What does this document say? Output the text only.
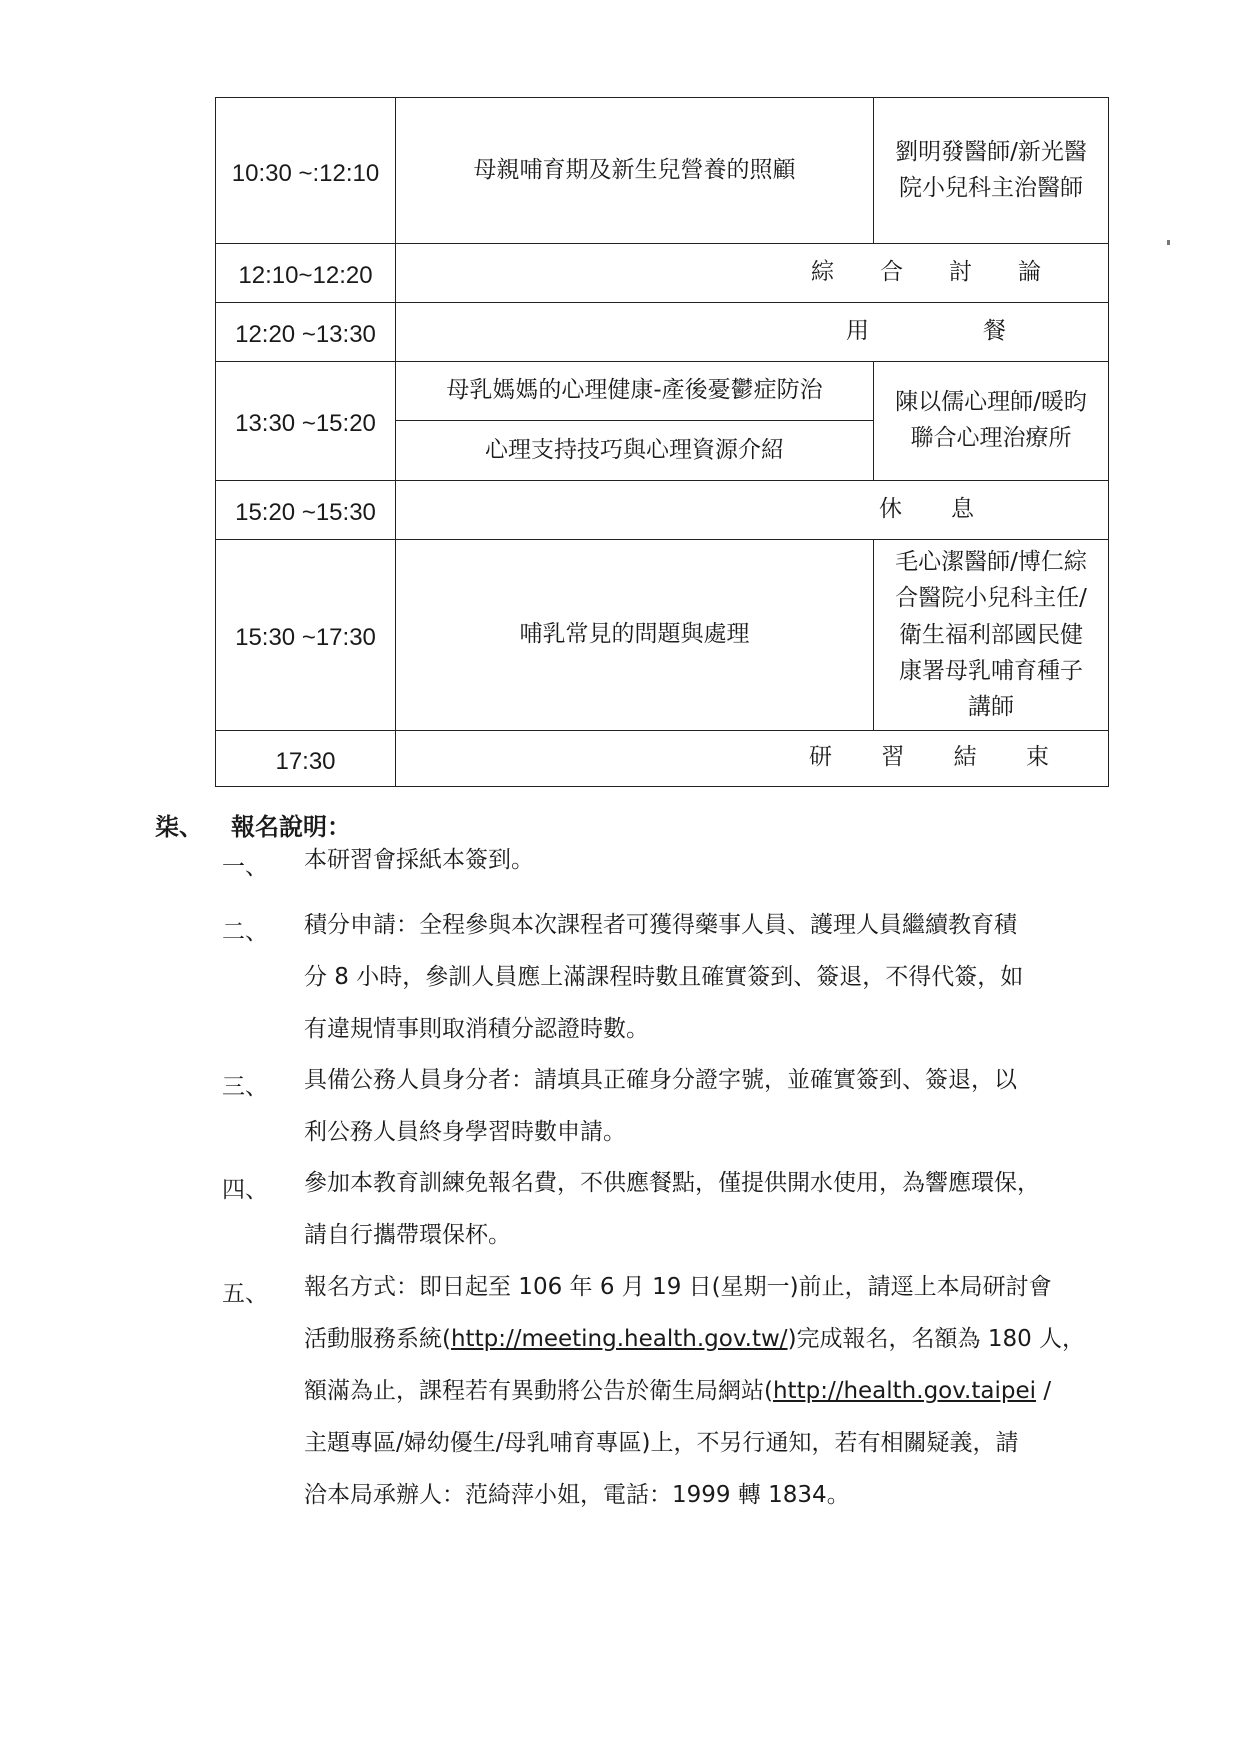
10:30 ~:12:10	母親哺育期及新生兒營養的照顧	劉明發醫師/新光醫
院小兒科主治醫師

12:10~12:20	綜 合 討 論	

12:20 ~13:30	用 餐	

13:30 ~15:20	母乳媽媽的心理健康-產後憂鬱症防治	陳以儒心理師/暖昀
聯合心理治療所

	心理支持技巧與心理資源介紹	
15:20 ~15:30	休 息	

15:30 ~17:30	哺乳常見的問題與處理	毛心潔醫師/博仁綜
合醫院小兒科主任/
衛生福利部國民健
康署母乳哺育種子
講師

17:30	研 習 結 束	
柒、 報名說明：
一、	本研習會採紙本簽到。
二、	積分申請：全程參與本次課程者可獲得藥事人員、護理人員繼續教育積
分 8 小時，參訓人員應上滿課程時數且確實簽到、簽退，不得代簽，如
有違規情事則取消積分認證時數。
三、	具備公務人員身分者：請填具正確身分證字號，並確實簽到、簽退，以
利公務人員終身學習時數申請。
四、	參加本教育訓練免報名費，不供應餐點，僅提供開水使用，為響應環保，
請自行攜帶環保杯。
五、	報名方式：即日起至 106 年 6 月 19 日(星期一)前止，請逕上本局研討會
活動服務系統(http://meeting.health.gov.tw/)完成報名，名額為 180 人，
額滿為止，課程若有異動將公告於衛生局網站(http://health.gov.taipei /
主題專區/婦幼優生/母乳哺育專區)上，不另行通知，若有相關疑義，請
洽本局承辦人：范綺萍小姐，電話：1999 轉 1834。
